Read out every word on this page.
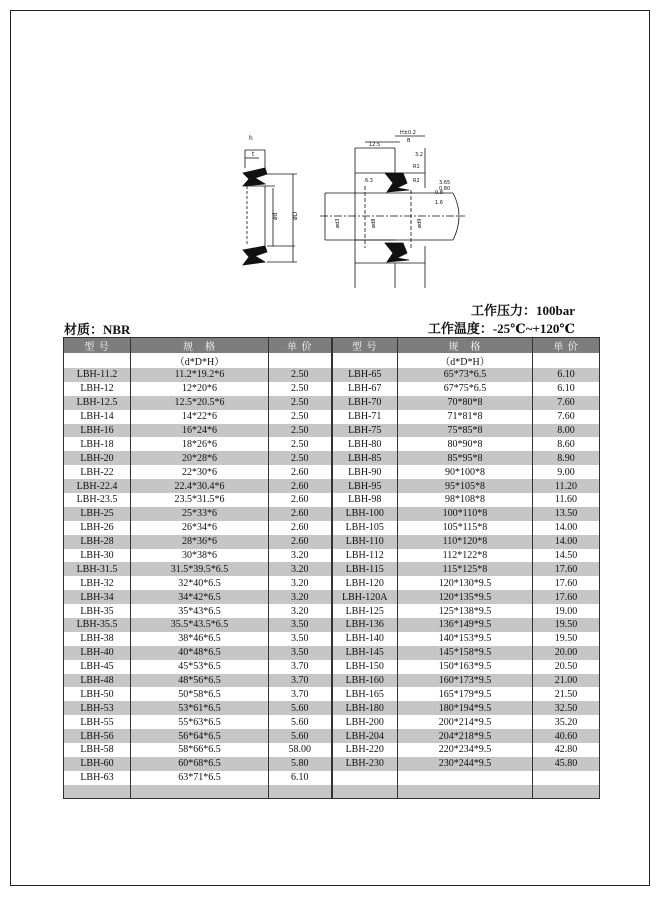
h
t
ød øD
H±0.2
R1
R2
B
12.5
6.3
3.2
0.8
1.6
3.65
0.80
ød3	ød8	ød9
工作压力：100bar
工作温度：-25℃~+120℃
材质：NBR
型 号	规　格	单 价	型 号	规　格	单 价
	（d*D*H）			（d*D*H）	
LBH-11.2	11.2*19.2*6	2.50	LBH-65	65*73*6.5	6.10
LBH-12	12*20*6	2.50	LBH-67	67*75*6.5	6.10
LBH-12.5	12.5*20.5*6	2.50	LBH-70	70*80*8	7.60
LBH-14	14*22*6	2.50	LBH-71	71*81*8	7.60
LBH-16	16*24*6	2.50	LBH-75	75*85*8	8.00
LBH-18	18*26*6	2.50	LBH-80	80*90*8	8.60
LBH-20	20*28*6	2.50	LBH-85	85*95*8	8.90
LBH-22	22*30*6	2.60	LBH-90	90*100*8	9.00
LBH-22.4	22.4*30.4*6	2.60	LBH-95	95*105*8	11.20
LBH-23.5	23.5*31.5*6	2.60	LBH-98	98*108*8	11.60
LBH-25	25*33*6	2.60	LBH-100	100*110*8	13.50
LBH-26	26*34*6	2.60	LBH-105	105*115*8	14.00
LBH-28	28*36*6	2.60	LBH-110	110*120*8	14.00
LBH-30	30*38*6	3.20	LBH-112	112*122*8	14.50
LBH-31.5	31.5*39.5*6.5	3.20	LBH-115	115*125*8	17.60
LBH-32	32*40*6.5	3.20	LBH-120	120*130*9.5	17.60
LBH-34	34*42*6.5	3.20	LBH-120A	120*135*9.5	17.60
LBH-35	35*43*6.5	3.20	LBH-125	125*138*9.5	19.00
LBH-35.5	35.5*43.5*6.5	3.50	LBH-136	136*149*9.5	19.50
LBH-38	38*46*6.5	3.50	LBH-140	140*153*9.5	19.50
LBH-40	40*48*6.5	3.50	LBH-145	145*158*9.5	20.00
LBH-45	45*53*6.5	3.70	LBH-150	150*163*9.5	20.50
LBH-48	48*56*6.5	3.70	LBH-160	160*173*9.5	21.00
LBH-50	50*58*6.5	3.70	LBH-165	165*179*9.5	21.50
LBH-53	53*61*6.5	5.60	LBH-180	180*194*9.5	32.50
LBH-55	55*63*6.5	5.60	LBH-200	200*214*9.5	35.20
LBH-56	56*64*6.5	5.60	LBH-204	204*218*9.5	40.60
LBH-58	58*66*6.5	58.00	LBH-220	220*234*9.5	42.80
LBH-60	60*68*6.5	5.80	LBH-230	230*244*9.5	45.80
LBH-63	63*71*6.5	6.10			
